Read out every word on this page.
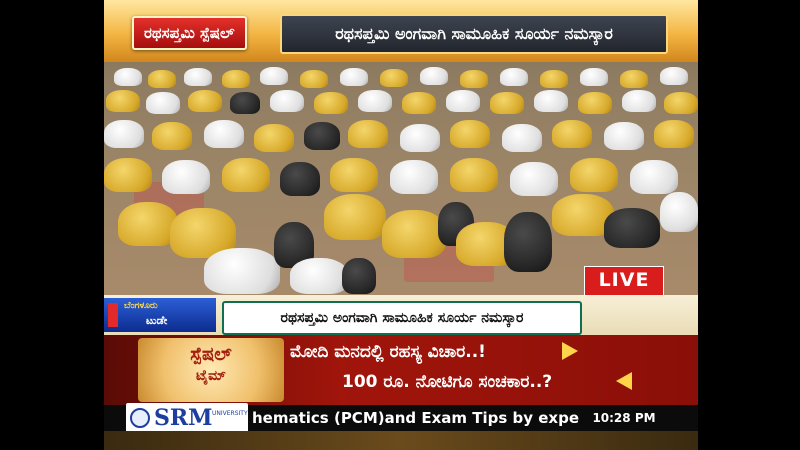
ರಥಸಪ್ತಮಿ ಸ್ಪೆಷಲ್	ರಥಸಪ್ತಮಿ ಅಂಗವಾಗಿ ಸಾಮೂಹಿಕ ಸೂರ್ಯ ನಮಸ್ಕಾರ
LIVE
ಬೆಂಗಳೂರು
ಟುಡೇ	ರಥಸಪ್ತಮಿ ಅಂಗವಾಗಿ ಸಾಮೂಹಿಕ ಸೂರ್ಯ ನಮಸ್ಕಾರ
ಸ್ಪೆಷಲ್
ಟೈಮ್
ಮೋದಿ ಮನದಲ್ಲಿ ರಹಸ್ಯ ವಿಚಾರ..!
100 ರೂ. ನೋಟಿಗೂ ಸಂಚಕಾರ..?
SRM UNIVERSITY hematics (PCM)and Exam Tips by expe	10:28 PM
